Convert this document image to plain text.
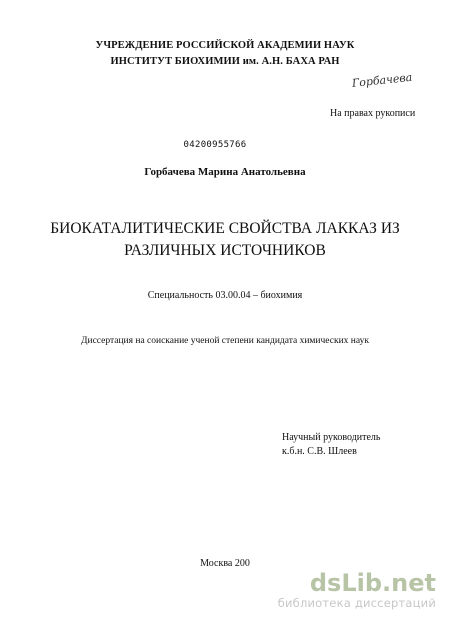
УЧРЕЖДЕНИЕ РОССИЙСКОЙ АКАДЕМИИ НАУК
ИНСТИТУТ БИОХИМИИ им. А.Н. БАХА РАН
Горбачева
На правах рукописи
04200955766
Горбачева Марина Анатольевна
БИОКАТАЛИТИЧЕСКИЕ СВОЙСТВА ЛАККАЗ ИЗ
РАЗЛИЧНЫХ ИСТОЧНИКОВ
Специальность 03.00.04 – биохимия
Диссертация на соискание ученой степени кандидата химических наук
Научный руководитель
к.б.н. С.В. Шлеев
Москва 200
dsLib.net
библиотека диссертаций
